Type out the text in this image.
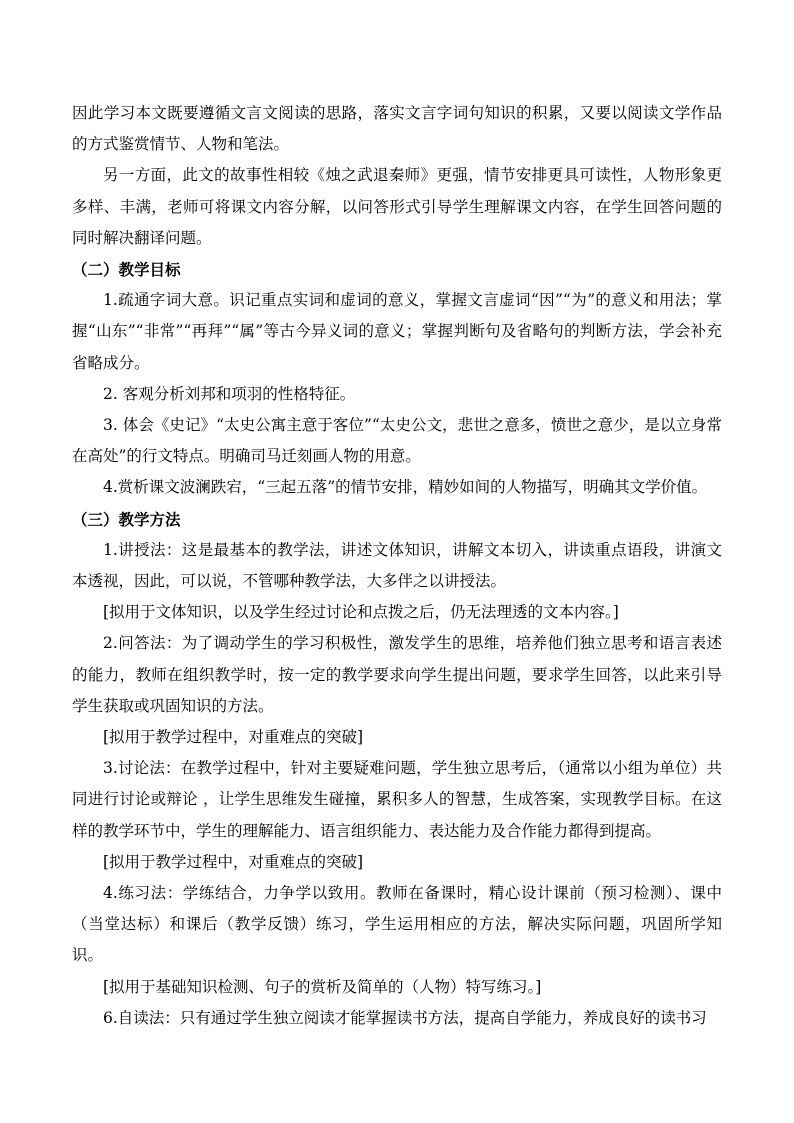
因此学习本文既要遵循文言文阅读的思路，落实文言字词句知识的积累，又要以阅读文学作品的方式鉴赏情节、人物和笔法。

另一方面，此文的故事性相较《烛之武退秦师》更强，情节安排更具可读性，人物形象更多样、丰满，老师可将课文内容分解，以问答形式引导学生理解课文内容，在学生回答问题的同时解决翻译问题。

（二）教学目标

1.疏通字词大意。识记重点实词和虚词的意义，掌握文言虚词“因”“为”的意义和用法；掌握“山东”“非常”“再拜”“属”等古今异义词的意义；掌握判断句及省略句的判断方法，学会补充省略成分。

2. 客观分析刘邦和项羽的性格特征。

3. 体会《史记》“太史公寓主意于客位”“太史公文，悲世之意多，愤世之意少，是以立身常在高处”的行文特点。明确司马迁刻画人物的用意。

4.赏析课文波澜跌宕，“三起五落”的情节安排，精妙如间的人物描写，明确其文学价值。

（三）教学方法

1.讲授法：这是最基本的教学法，讲述文体知识，讲解文本切入，讲读重点语段，讲演文本透视，因此，可以说，不管哪种教学法，大多伴之以讲授法。

[拟用于文体知识，以及学生经过讨论和点拨之后，仍无法理透的文本内容。]

2.问答法：为了调动学生的学习积极性，激发学生的思维，培养他们独立思考和语言表述的能力，教师在组织教学时，按一定的教学要求向学生提出问题，要求学生回答，以此来引导学生获取或巩固知识的方法。

[拟用于教学过程中，对重难点的突破]

3.讨论法：在教学过程中，针对主要疑难问题，学生独立思考后，（通常以小组为单位）共同进行讨论或辩论 ，让学生思维发生碰撞，累积多人的智慧，生成答案，实现教学目标。在这样的教学环节中，学生的理解能力、语言组织能力、表达能力及合作能力都得到提高。

[拟用于教学过程中，对重难点的突破]

4.练习法：学练结合，力争学以致用。教师在备课时，精心设计课前（预习检测）、课中（当堂达标）和课后（教学反馈）练习，学生运用相应的方法，解决实际问题，巩固所学知识。

[拟用于基础知识检测、句子的赏析及简单的（人物）特写练习。]

6.自读法：只有通过学生独立阅读才能掌握读书方法，提高自学能力，养成良好的读书习
